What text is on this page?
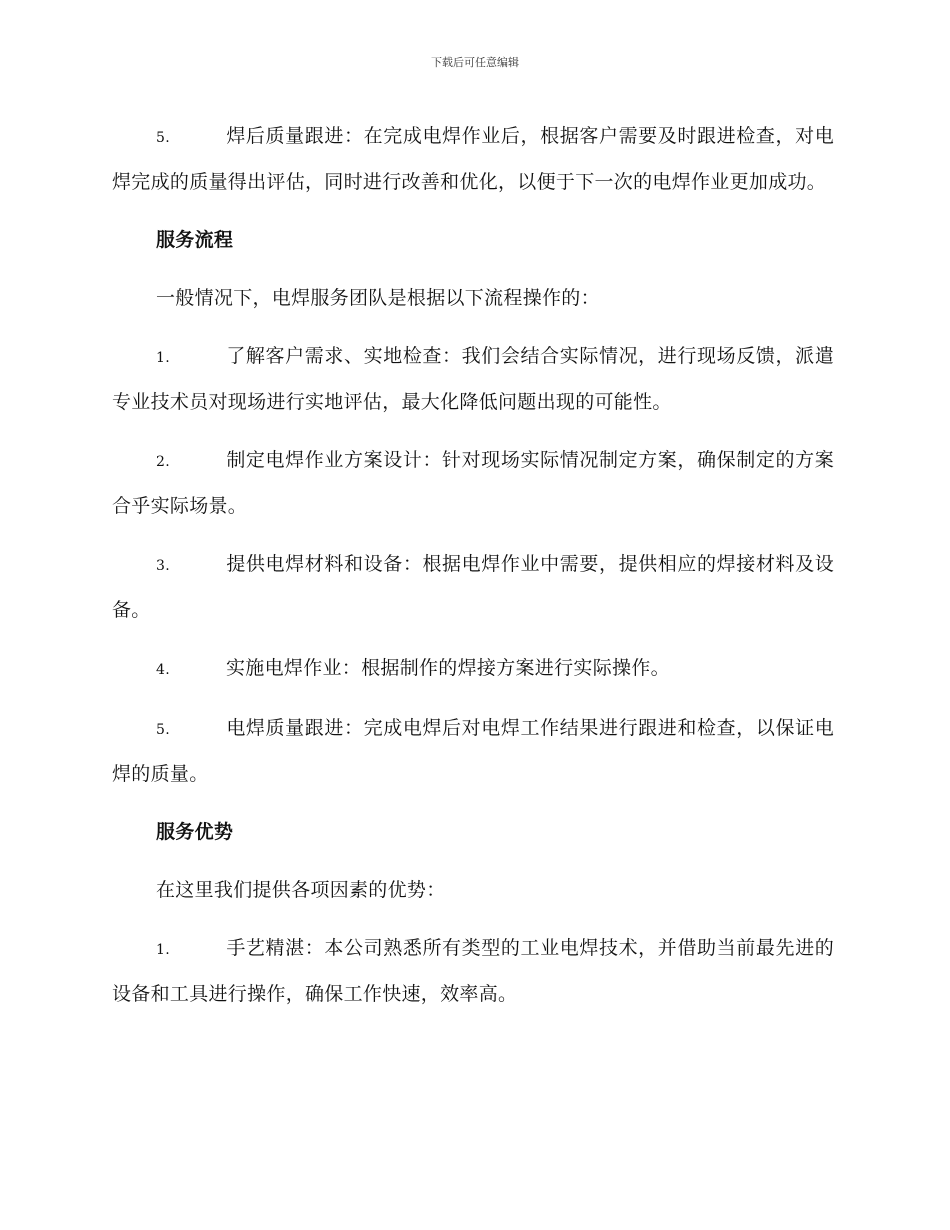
下载后可任意编辑

5.	焊后质量跟进：在完成电焊作业后，根据客户需要及时跟进检查，对电焊完成的质量得出评估，同时进行改善和优化，以便于下一次的电焊作业更加成功。

服务流程

一般情况下，电焊服务团队是根据以下流程操作的：

1.	了解客户需求、实地检查：我们会结合实际情况，进行现场反馈，派遣专业技术员对现场进行实地评估，最大化降低问题出现的可能性。

2.	制定电焊作业方案设计：针对现场实际情况制定方案，确保制定的方案合乎实际场景。

3.	提供电焊材料和设备：根据电焊作业中需要，提供相应的焊接材料及设备。

4.	实施电焊作业：根据制作的焊接方案进行实际操作。

5.	电焊质量跟进：完成电焊后对电焊工作结果进行跟进和检查，以保证电焊的质量。

服务优势

在这里我们提供各项因素的优势：

1.	手艺精湛：本公司熟悉所有类型的工业电焊技术，并借助当前最先进的设备和工具进行操作，确保工作快速，效率高。
